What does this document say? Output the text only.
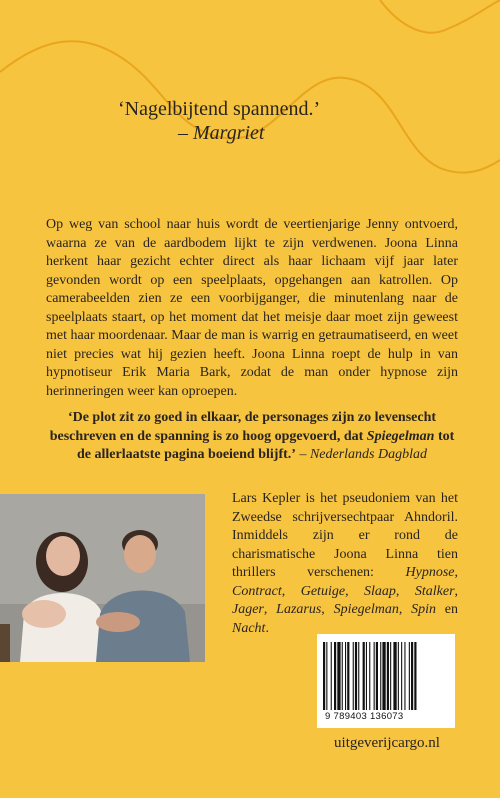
‘Nagelbijtend spannend.’

– Margriet

Op weg van school naar huis wordt de veertienjarige Jenny ontvoerd, waarna ze van de aardbodem lijkt te zijn verdwenen. Joona Linna herkent haar gezicht echter direct als haar lichaam vijf jaar later gevonden wordt op een speelplaats, opgehangen aan katrollen. Op camerabeelden zien ze een voorbijganger, die minutenlang naar de speelplaats staart, op het moment dat het meisje daar moet zijn geweest met haar moordenaar. Maar de man is warrig en getraumatiseerd, en weet niet precies wat hij gezien heeft. Joona Linna roept de hulp in van hypnotiseur Erik Maria Bark, zodat de man onder hypnose zijn herinneringen weer kan oproepen.

‘De plot zit zo goed in elkaar, de personages zijn zo levensecht beschreven en de spanning is zo hoog opgevoerd, dat Spiegelman tot de allerlaatste pagina boeiend blijft.’ – Nederlands Dagblad

Lars Kepler is het pseudoniem van het Zweedse schrijversechtpaar Ahndoril. Inmiddels zijn er rond de charismatische Joona Linna tien thrillers verschenen: Hypnose, Contract, Getuige, Slaap, Stalker, Jager, Lazarus, Spiegelman, Spin en Nacht.

9 789403 136073
uitgeverijcargo.nl
